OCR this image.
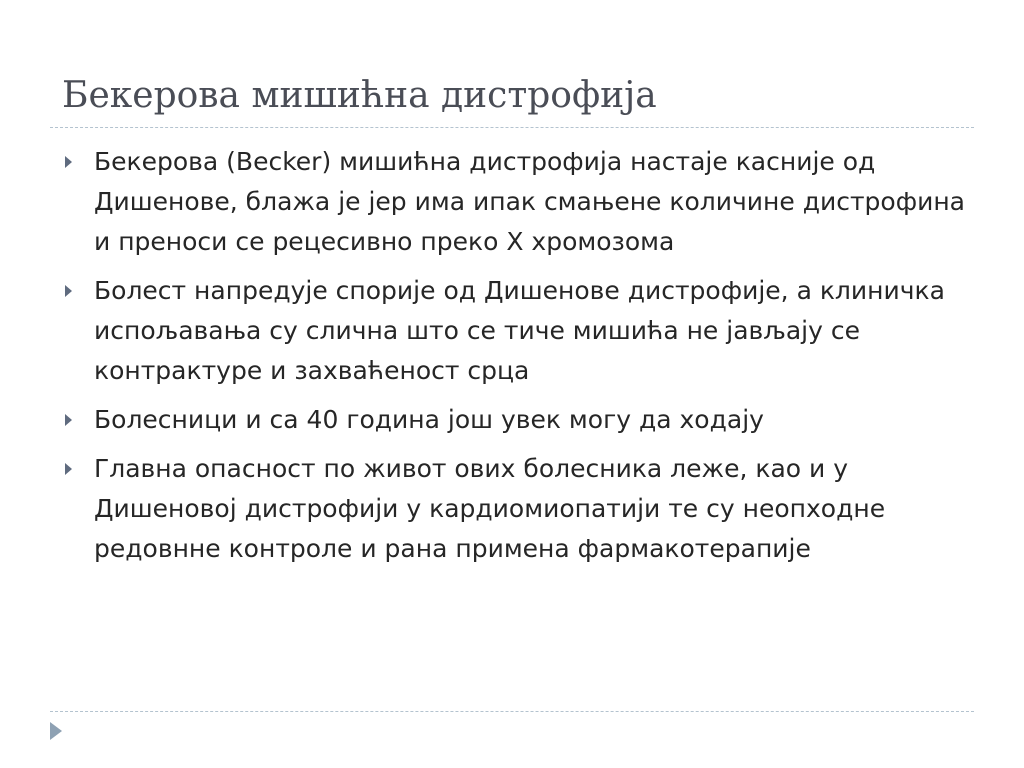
Бекерова мишићна дистрофија
Бекерова (Becker) мишићна дистрофија настаје касније од Дишенове, блажа је јер има ипак смањене количине дистрофина и преноси се рецесивно преко Х хромозома
Болест напредује спорије од Дишенове дистрофије, а клиничка испољавања су слична што се тиче мишића не јављају се контрактуре и захваћеност срца
Болесници и са 40 година још увек могу да ходају
Главна опасност по живот ових болесника леже, као и у Дишеновој дистрофији у кардиомиопатији те су неопходне редовнне контроле и рана примена фармакотерапије
